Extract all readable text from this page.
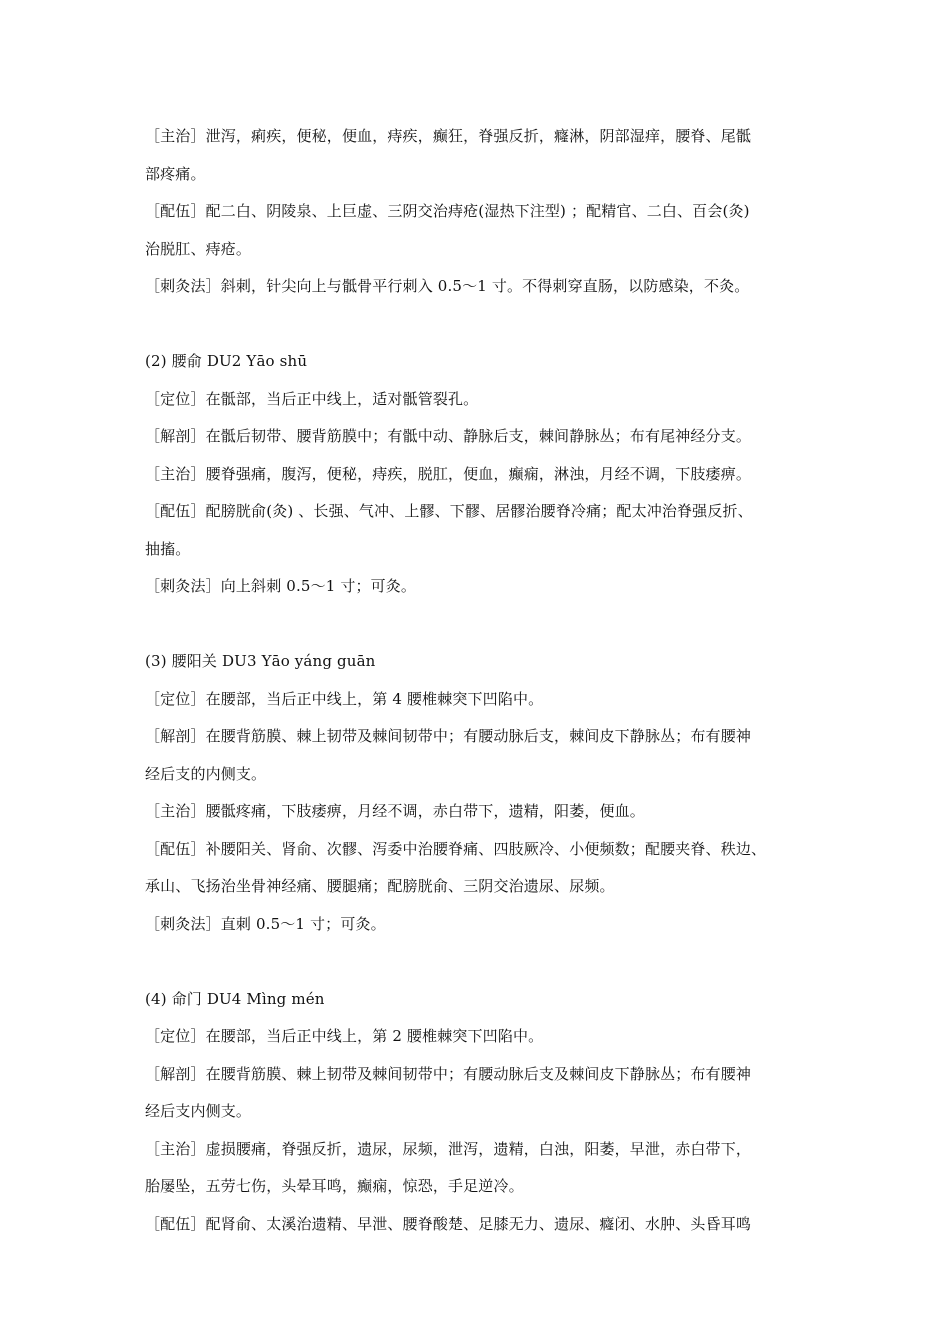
［主治］泄泻，痢疾，便秘，便血，痔疾，癫狂，脊强反折，癃淋，阴部湿痒，腰脊、尾骶
部疼痛。
［配伍］配二白、阴陵泉、上巨虚、三阴交治痔疮(湿热下注型) ；配精官、二白、百会(灸)
治脱肛、痔疮。
［刺灸法］斜刺，针尖向上与骶骨平行刺入 0.5～1 寸。不得刺穿直肠，以防感染，不灸。
(2) 腰俞 DU2 Yāo shū
［定位］在骶部，当后正中线上，适对骶管裂孔。
［解剖］在骶后韧带、腰背筋膜中；有骶中动、静脉后支，棘间静脉丛；布有尾神经分支。
［主治］腰脊强痛，腹泻，便秘，痔疾，脱肛，便血，癫痫，淋浊，月经不调，下肢痿痹。
［配伍］配膀胱俞(灸) 、长强、气冲、上髎、下髎、居髎治腰脊冷痛；配太冲治脊强反折、
抽搐。
［刺灸法］向上斜刺 0.5～1 寸；可灸。
(3) 腰阳关 DU3 Yāo yáng guān
［定位］在腰部，当后正中线上，第 4 腰椎棘突下凹陷中。
［解剖］在腰背筋膜、棘上韧带及棘间韧带中；有腰动脉后支，棘间皮下静脉丛；布有腰神
经后支的内侧支。
［主治］腰骶疼痛，下肢痿痹，月经不调，赤白带下，遗精，阳萎，便血。
［配伍］补腰阳关、肾俞、次髎、泻委中治腰脊痛、四肢厥冷、小便频数；配腰夹脊、秩边、
承山、飞扬治坐骨神经痛、腰腿痛；配膀胱俞、三阴交治遗尿、尿频。
［刺灸法］直刺 0.5～1 寸；可灸。
(4) 命门 DU4 Mìng mén
［定位］在腰部，当后正中线上，第 2 腰椎棘突下凹陷中。
［解剖］在腰背筋膜、棘上韧带及棘间韧带中；有腰动脉后支及棘间皮下静脉丛；布有腰神
经后支内侧支。
［主治］虚损腰痛，脊强反折，遗尿，尿频，泄泻，遗精，白浊，阳萎，早泄，赤白带下，
胎屡坠，五劳七伤，头晕耳鸣，癫痫，惊恐，手足逆冷。
［配伍］配肾俞、太溪治遗精、早泄、腰脊酸楚、足膝无力、遗尿、癃闭、水肿、头昏耳鸣
